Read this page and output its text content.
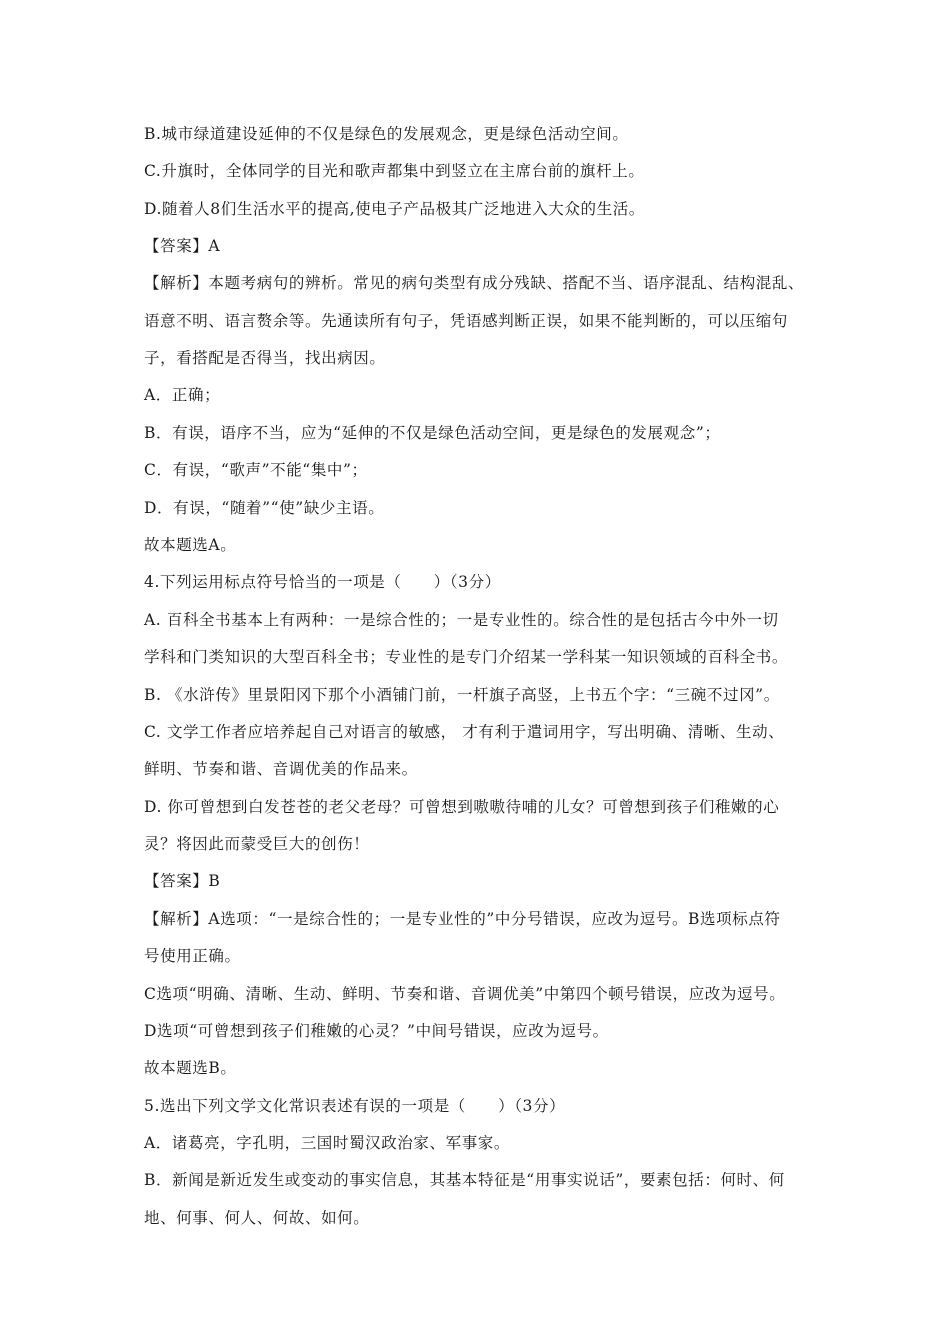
B.城市绿道建设延伸的不仅是绿色的发展观念，更是绿色活动空间。
C.升旗时，全体同学的目光和歌声都集中到竖立在主席台前的旗杆上。
D.随着人8们生活水平的提高,使电子产品极其广泛地进入大众的生活。
【答案】A
【解析】本题考病句的辨析。常见的病句类型有成分残缺、搭配不当、语序混乱、结构混乱、
语意不明、语言赘余等。先通读所有句子，凭语感判断正误，如果不能判断的，可以压缩句
子，看搭配是否得当，找出病因。
A．正确；
B．有误，语序不当，应为“延伸的不仅是绿色活动空间，更是绿色的发展观念”；
C．有误，“歌声”不能“集中”；
D．有误，“随着”“使”缺少主语。
故本题选A。
4.下列运用标点符号恰当的一项是（　　）（3分）
A. 百科全书基本上有两种：一是综合性的；一是专业性的。综合性的是包括古今中外一切
学科和门类知识的大型百科全书；专业性的是专门介绍某一学科某一知识领域的百科全书。
B. 《水浒传》里景阳冈下那个小酒铺门前，一杆旗子高竖，上书五个字：“三碗不过冈”。
C. 文学工作者应培养起自己对语言的敏感， 才有利于遣词用字，写出明确、清晰、生动、
鲜明、节奏和谐、音调优美的作品来。
D. 你可曾想到白发苍苍的老父老母？可曾想到嗷嗷待哺的儿女？可曾想到孩子们稚嫩的心
灵？将因此而蒙受巨大的创伤！
【答案】B
【解析】A选项：“一是综合性的；一是专业性的”中分号错误，应改为逗号。B选项标点符
号使用正确。
C选项“明确、清晰、生动、鲜明、节奏和谐、音调优美”中第四个顿号错误，应改为逗号。
D选项“可曾想到孩子们稚嫩的心灵？”中间号错误，应改为逗号。
故本题选B。
5.选出下列文学文化常识表述有误的一项是（　　）（3分）
A．诸葛亮，字孔明，三国时蜀汉政治家、军事家。
B．新闻是新近发生或变动的事实信息，其基本特征是“用事实说话”，要素包括：何时、何
地、何事、何人、何故、如何。
